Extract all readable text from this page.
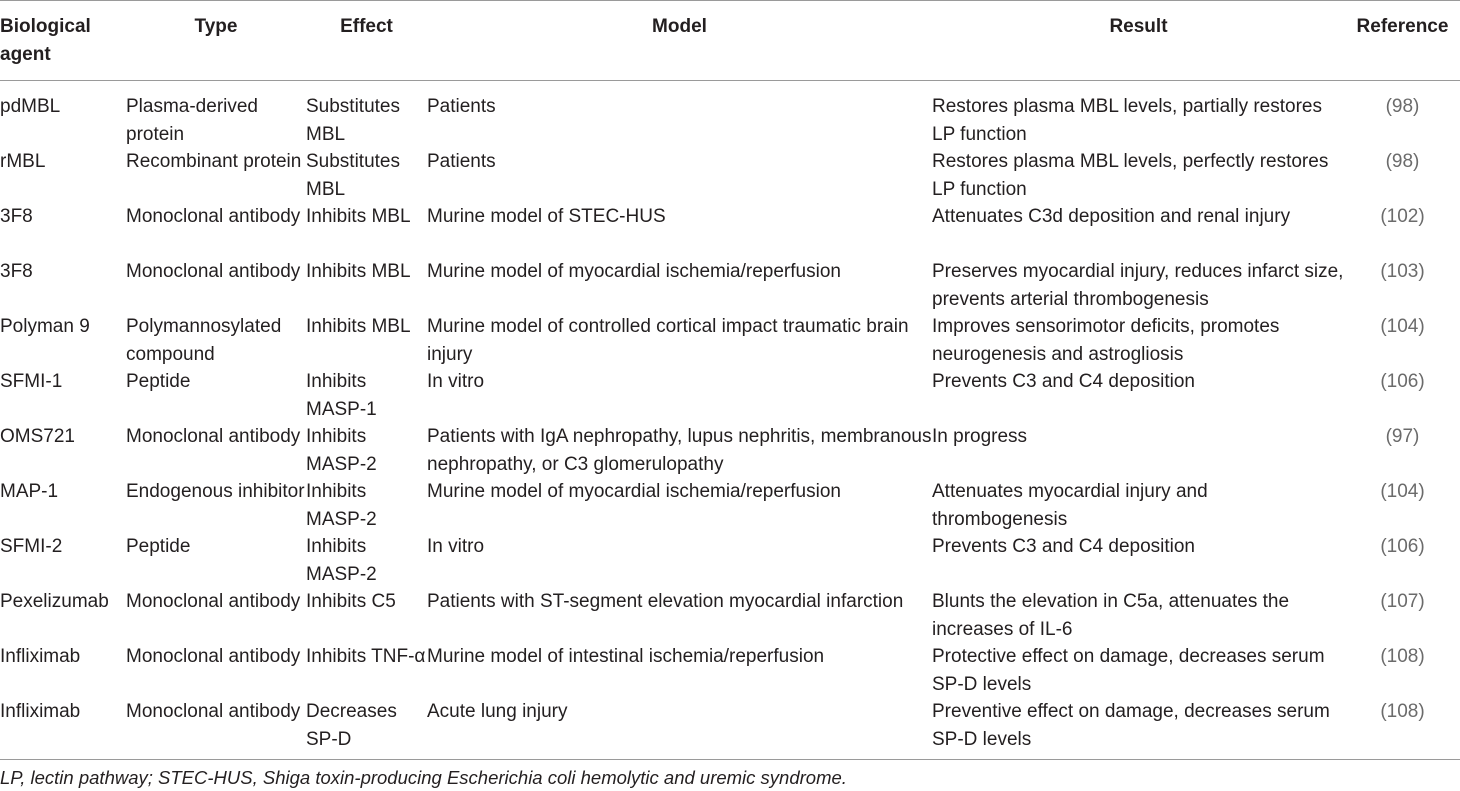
Biological agent	Type	Effect	Model	Result	Reference
pdMBL	Plasma-derived protein	Substitutes MBL	Patients	Restores plasma MBL levels, partially restores LP function	(98)
rMBL	Recombinant protein	Substitutes MBL	Patients	Restores plasma MBL levels, perfectly restores LP function	(98)
3F8	Monoclonal antibody	Inhibits MBL	Murine model of STEC-HUS	Attenuates C3d deposition and renal injury	(102)
3F8	Monoclonal antibody	Inhibits MBL	Murine model of myocardial ischemia/reperfusion	Preserves myocardial injury, reduces infarct size, prevents arterial thrombogenesis	(103)
Polyman 9	Polymannosylated compound	Inhibits MBL	Murine model of controlled cortical impact traumatic brain injury	Improves sensorimotor deficits, promotes neurogenesis and astrogliosis	(104)
SFMI-1	Peptide	Inhibits MASP-1	In vitro	Prevents C3 and C4 deposition	(106)
OMS721	Monoclonal antibody	Inhibits MASP-2	Patients with IgA nephropathy, lupus nephritis, membranous nephropathy, or C3 glomerulopathy	In progress	(97)
MAP-1	Endogenous inhibitor	Inhibits MASP-2	Murine model of myocardial ischemia/reperfusion	Attenuates myocardial injury and thrombogenesis	(104)
SFMI-2	Peptide	Inhibits MASP-2	In vitro	Prevents C3 and C4 deposition	(106)
Pexelizumab	Monoclonal antibody	Inhibits C5	Patients with ST-segment elevation myocardial infarction	Blunts the elevation in C5a, attenuates the increases of IL-6	(107)
Infliximab	Monoclonal antibody	Inhibits TNF-α	Murine model of intestinal ischemia/reperfusion	Protective effect on damage, decreases serum SP-D levels	(108)
Infliximab	Monoclonal antibody	Decreases SP-D	Acute lung injury	Preventive effect on damage, decreases serum SP-D levels	(108)
LP, lectin pathway; STEC-HUS, Shiga toxin-producing Escherichia coli hemolytic and uremic syndrome.
